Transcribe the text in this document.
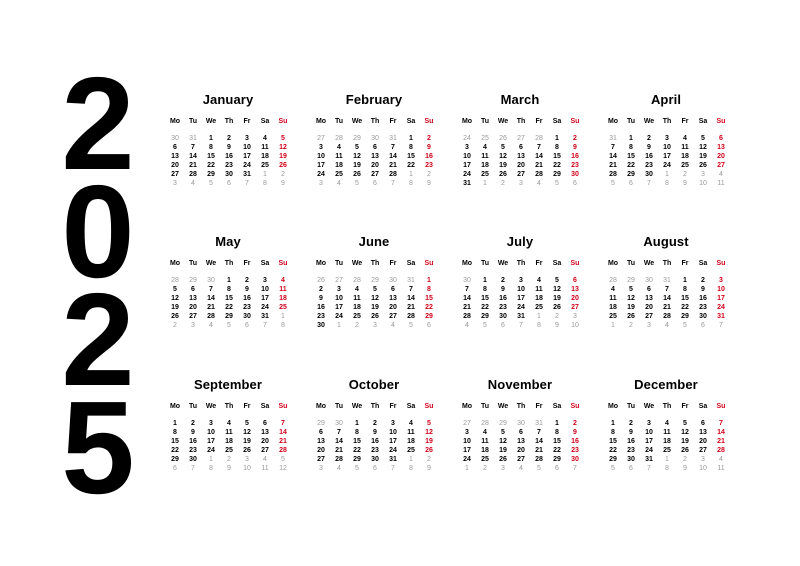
2
0
2
5
January
Mo	Tu	We	Th	Fr	Sa	Su
30	31	1	2	3	4	5
6	7	8	9	10	11	12
13	14	15	16	17	18	19
20	21	22	23	24	25	26
27	28	29	30	31	1	2
3	4	5	6	7	8	9
February
Mo	Tu	We	Th	Fr	Sa	Su
27	28	29	30	31	1	2
3	4	5	6	7	8	9
10	11	12	13	14	15	16
17	18	19	20	21	22	23
24	25	26	27	28	1	2
3	4	5	6	7	8	9
March
Mo	Tu	We	Th	Fr	Sa	Su
24	25	26	27	28	1	2
3	4	5	6	7	8	9
10	11	12	13	14	15	16
17	18	19	20	21	22	23
24	25	26	27	28	29	30
31	1	2	3	4	5	6
April
Mo	Tu	We	Th	Fr	Sa	Su
31	1	2	3	4	5	6
7	8	9	10	11	12	13
14	15	16	17	18	19	20
21	22	23	24	25	26	27
28	29	30	1	2	3	4
5	6	7	8	9	10	11
May
Mo	Tu	We	Th	Fr	Sa	Su
28	29	30	1	2	3	4
5	6	7	8	9	10	11
12	13	14	15	16	17	18
19	20	21	22	23	24	25
26	27	28	29	30	31	1
2	3	4	5	6	7	8
June
Mo	Tu	We	Th	Fr	Sa	Su
26	27	28	29	30	31	1
2	3	4	5	6	7	8
9	10	11	12	13	14	15
16	17	18	19	20	21	22
23	24	25	26	27	28	29
30	1	2	3	4	5	6
July
Mo	Tu	We	Th	Fr	Sa	Su
30	1	2	3	4	5	6
7	8	9	10	11	12	13
14	15	16	17	18	19	20
21	22	23	24	25	26	27
28	29	30	31	1	2	3
4	5	6	7	8	9	10
August
Mo	Tu	We	Th	Fr	Sa	Su
28	29	30	31	1	2	3
4	5	6	7	8	9	10
11	12	13	14	15	16	17
18	19	20	21	22	23	24
25	26	27	28	29	30	31
1	2	3	4	5	6	7
September
Mo	Tu	We	Th	Fr	Sa	Su
1	2	3	4	5	6	7
8	9	10	11	12	13	14
15	16	17	18	19	20	21
22	23	24	25	26	27	28
29	30	1	2	3	4	5
6	7	8	9	10	11	12
October
Mo	Tu	We	Th	Fr	Sa	Su
29	30	1	2	3	4	5
6	7	8	9	10	11	12
13	14	15	16	17	18	19
20	21	22	23	24	25	26
27	28	29	30	31	1	2
3	4	5	6	7	8	9
November
Mo	Tu	We	Th	Fr	Sa	Su
27	28	29	30	31	1	2
3	4	5	6	7	8	9
10	11	12	13	14	15	16
17	18	19	20	21	22	23
24	25	26	27	28	29	30
1	2	3	4	5	6	7
December
Mo	Tu	We	Th	Fr	Sa	Su
1	2	3	4	5	6	7
8	9	10	11	12	13	14
15	16	17	18	19	20	21
22	23	24	25	26	27	28
29	30	31	1	2	3	4
5	6	7	8	9	10	11
